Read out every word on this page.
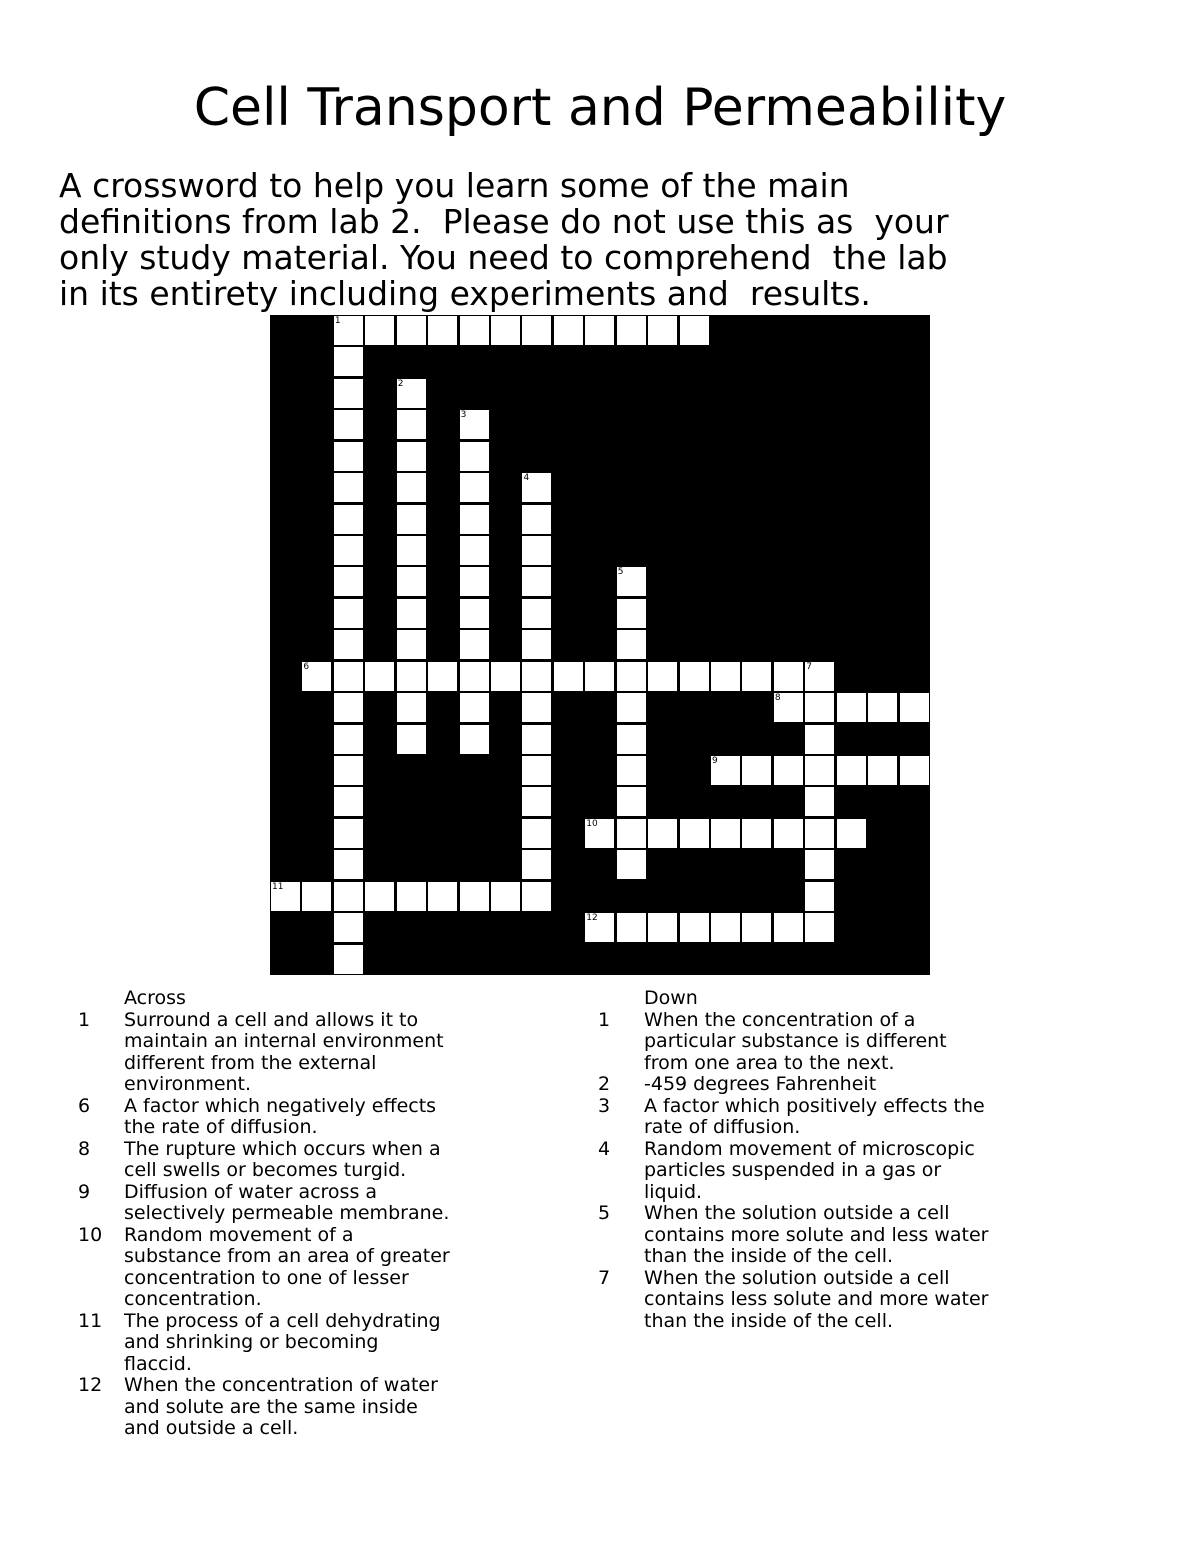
Cell Transport and Permeability
A crossword to help you learn some of the main
definitions from lab 2.  Please do not use this as  your
only study material. You need to comprehend  the lab
in its entirety including experiments and  results.
1
2
3
4
5
6	7
8
9
10
11
12
Across
1	Surround a cell and allows it to
maintain an internal environment
different from the external
environment.
6	A factor which negatively effects
the rate of diffusion.
8	The rupture which occurs when a
cell swells or becomes turgid.
9	Diffusion of water across a
selectively permeable membrane.
10	Random movement of a
substance from an area of greater
concentration to one of lesser
concentration.
11	The process of a cell dehydrating
and shrinking or becoming
flaccid.
12	When the concentration of water
and solute are the same inside
and outside a cell.
Down
1	When the concentration of a
particular substance is different
from one area to the next.
2	-459 degrees Fahrenheit
3	A factor which positively effects the
rate of diffusion.
4	Random movement of microscopic
particles suspended in a gas or
liquid.
5	When the solution outside a cell
contains more solute and less water
than the inside of the cell.
7	When the solution outside a cell
contains less solute and more water
than the inside of the cell.
